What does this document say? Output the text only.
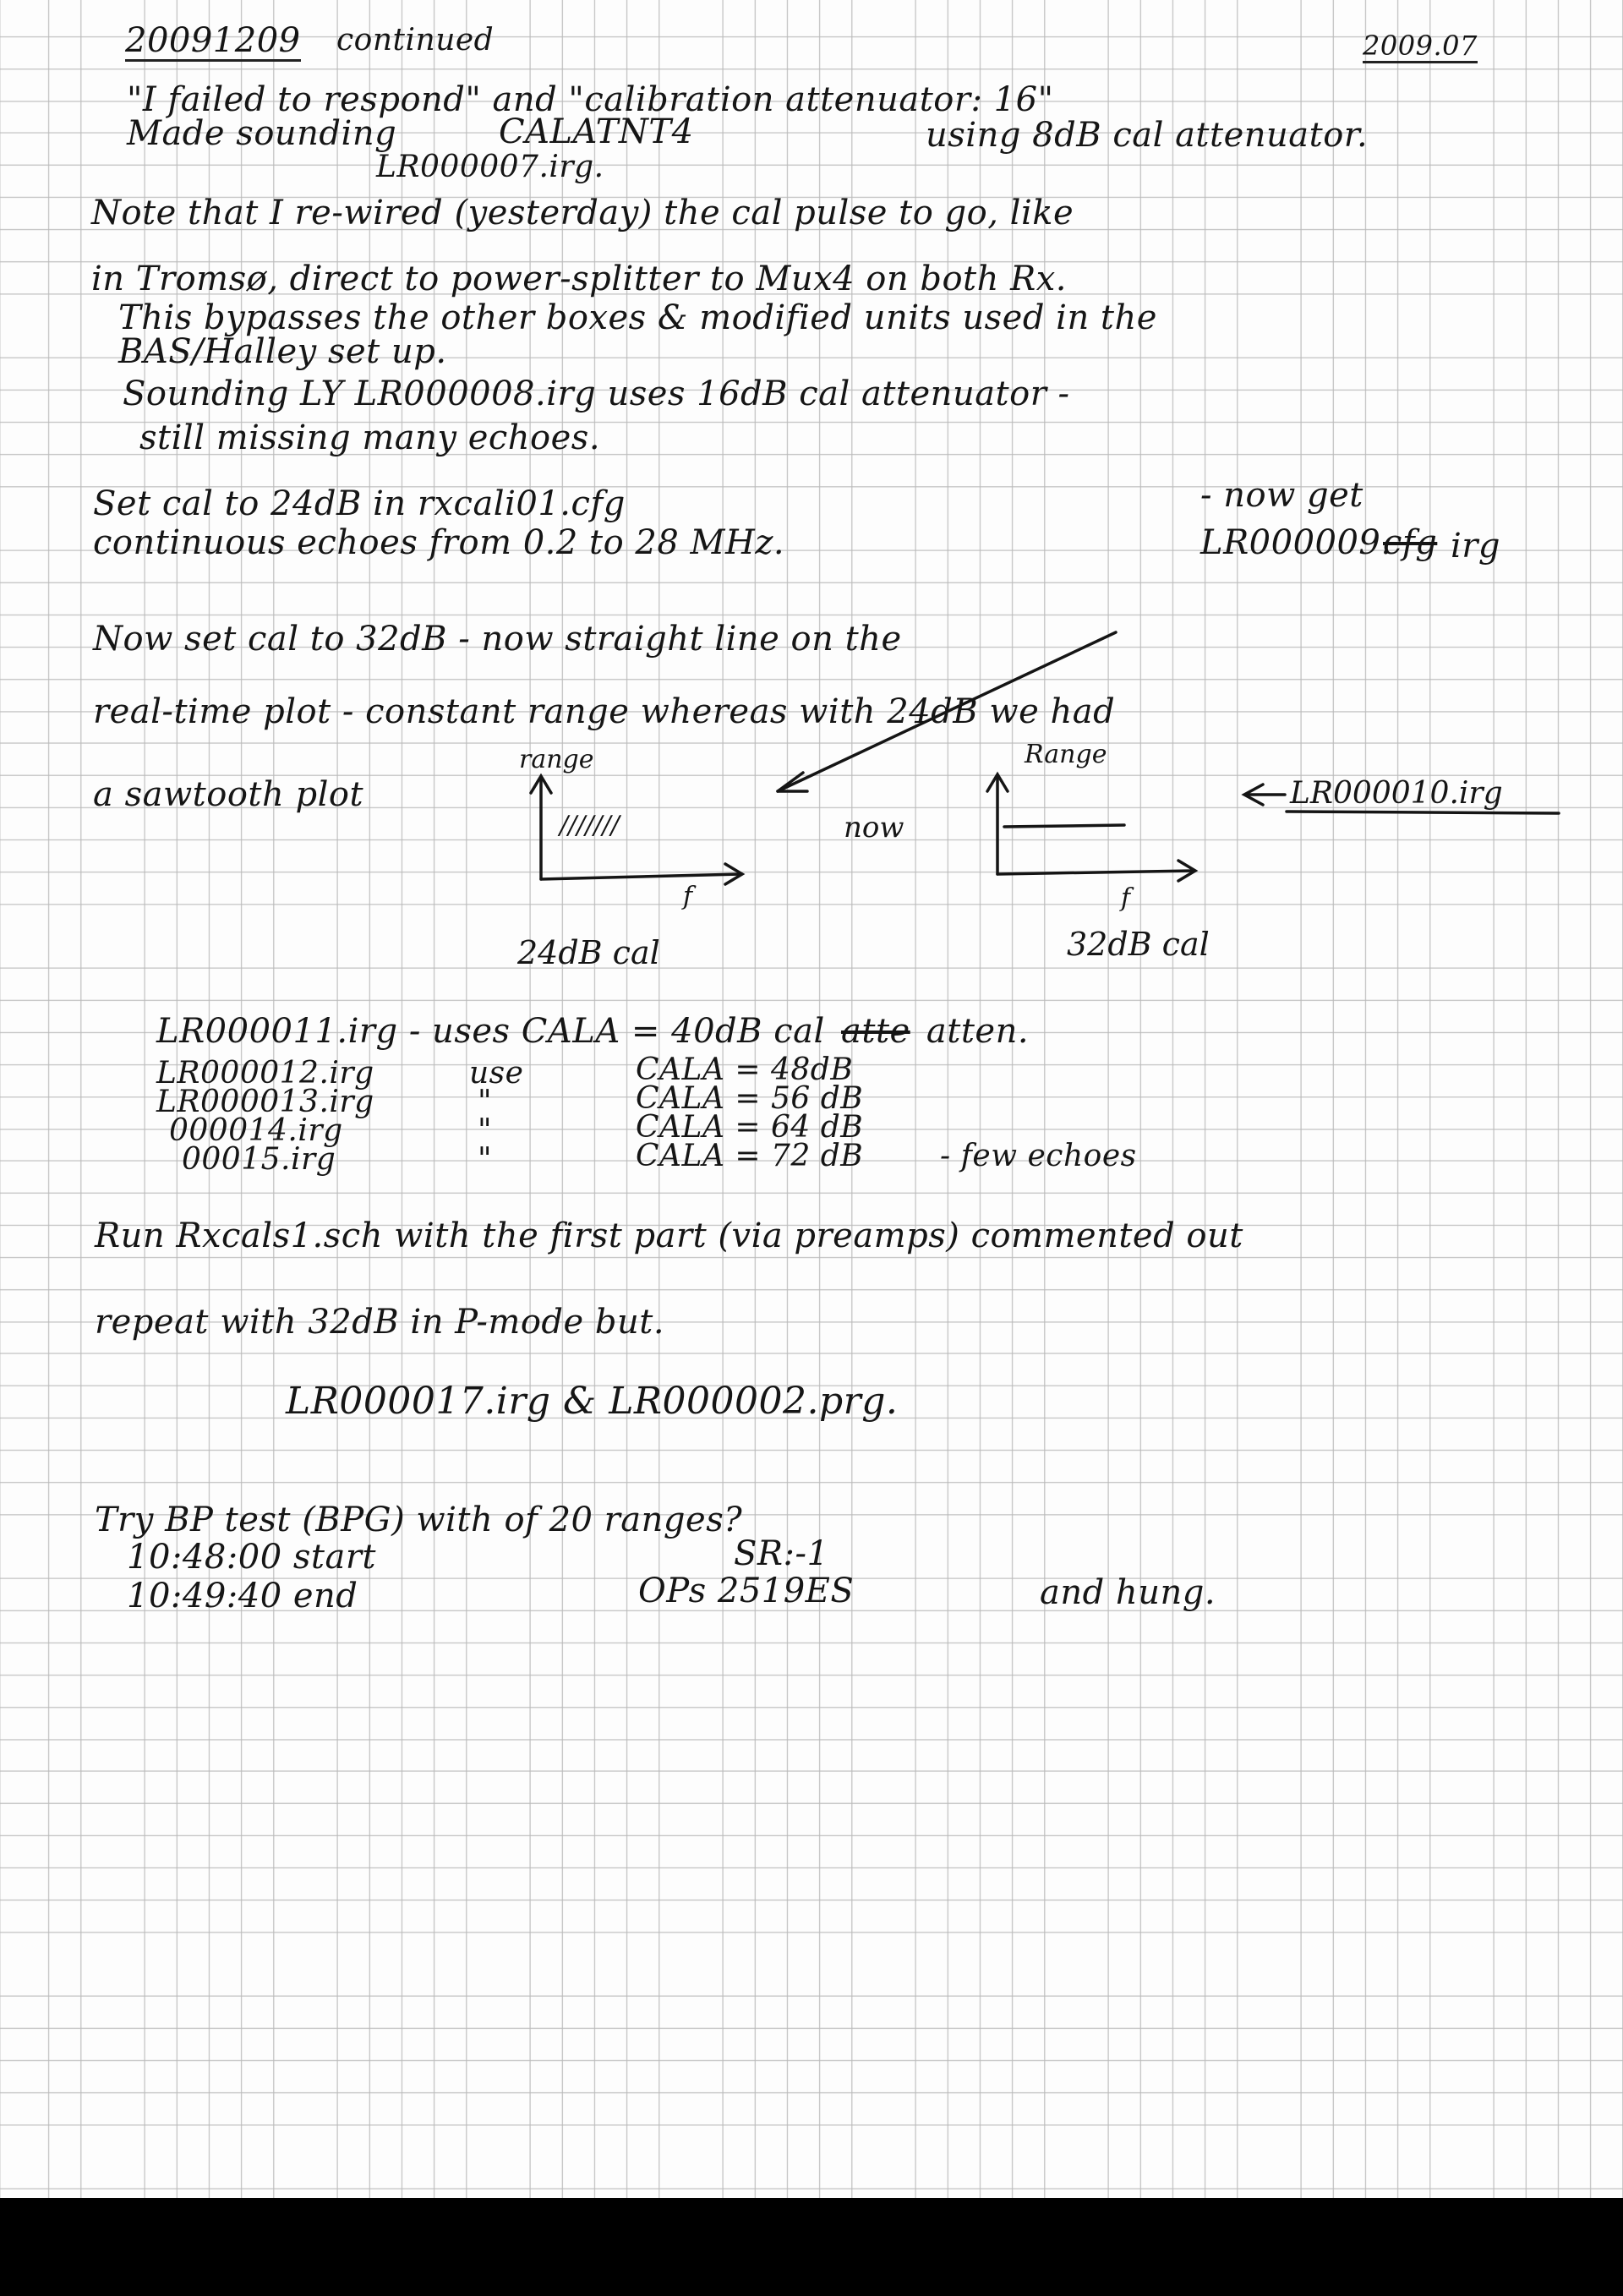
20091209 continued	2009.07
"I failed to respond" and "calibration attenuator: 16"
Made sounding	CALATNT4	using 8dB cal attenuator.
LR000007.irg.
Note that I re-wired (yesterday) the cal pulse to go, like
in Tromsø, direct to power-splitter to Mux4 on both Rx.
This bypasses the other boxes & modified units used in the
BAS/Halley set up.
Sounding LY LR000008.irg uses 16dB cal attenuator -
still missing many echoes.
Set cal to 24dB in rxcali01.cfg	- now get
continuous echoes from 0.2 to 28 MHz.	LR000009.
cfg irg
Now set cal to 32dB - now straight line on the
real-time plot - constant range whereas with 24dB we had
a sawtooth plot
range
///////
f
24dB cal
now
Range
f
32dB cal
LR000010.irg
LR000011.irg - uses CALA = 40dB cal atte atten.
LR000012.irg	use	CALA = 48dB
LR000013.irg	"	CALA = 56 dB
000014.irg	"	CALA = 64 dB
00015.irg	"	CALA = 72 dB	- few echoes
Run Rxcals1.sch with the first part (via preamps) commented out
repeat with 32dB in P-mode but.
LR000017.irg & LR000002.prg.
Try BP test (BPG) with of 20 ranges?
10:48:00 start	SR:-1
10:49:40 end	OPs 2519ES	and hung.
